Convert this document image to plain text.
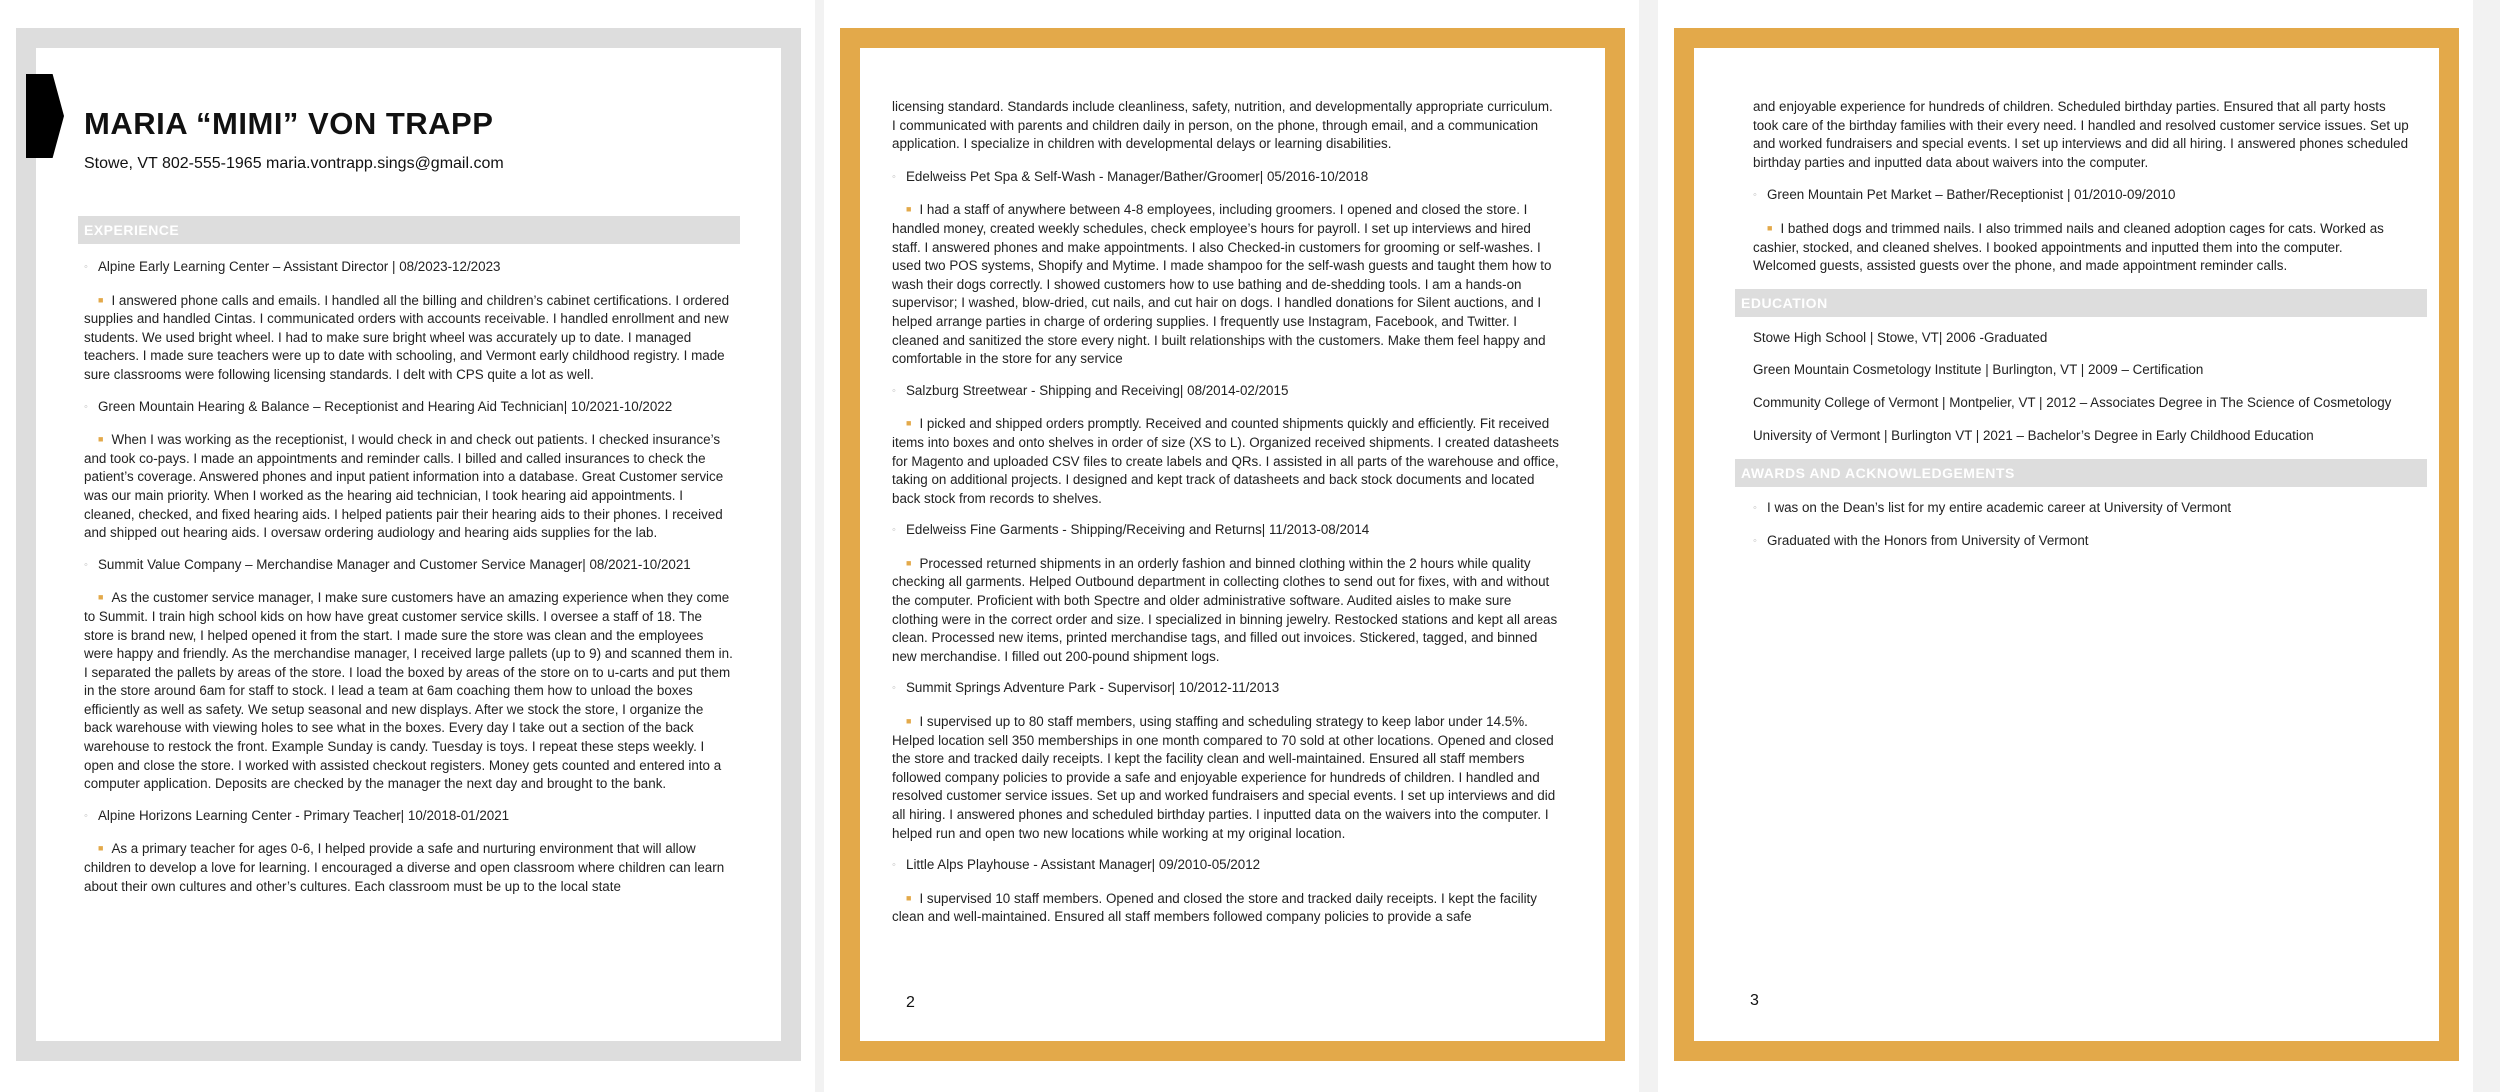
MARIA “MIMI” VON TRAPP

Stowe, VT 802-555-1965 maria.vontrapp.sings@gmail.com

EXPERIENCE

◦ Alpine Early Learning Center – Assistant Director | 08/2023-12/2023

■ I answered phone calls and emails. I handled all the billing and children’s cabinet certifications. I ordered supplies and handled Cintas. I communicated orders with accounts receivable. I handled enrollment and new students. We used bright wheel. I had to make sure bright wheel was accurately up to date. I managed teachers. I made sure teachers were up to date with schooling, and Vermont early childhood registry. I made sure classrooms were following licensing standards. I delt with CPS quite a lot as well.

◦ Green Mountain Hearing & Balance – Receptionist and Hearing Aid Technician| 10/2021-10/2022

■ When I was working as the receptionist, I would check in and check out patients. I checked insurance’s and took co-pays. I made an appointments and reminder calls. I billed and called insurances to check the patient’s coverage. Answered phones and input patient information into a database. Great Customer service was our main priority. When I worked as the hearing aid technician, I took hearing aid appointments. I cleaned, checked, and fixed hearing aids. I helped patients pair their hearing aids to their phones. I received and shipped out hearing aids. I oversaw ordering audiology and hearing aids supplies for the lab.

◦ Summit Value Company – Merchandise Manager and Customer Service Manager| 08/2021-10/2021

■ As the customer service manager, I make sure customers have an amazing experience when they come to Summit. I train high school kids on how have great customer service skills. I oversee a staff of 18. The store is brand new, I helped opened it from the start. I made sure the store was clean and the employees were happy and friendly. As the merchandise manager, I received large pallets (up to 9) and scanned them in. I separated the pallets by areas of the store. I load the boxed by areas of the store on to u-carts and put them in the store around 6am for staff to stock. I lead a team at 6am coaching them how to unload the boxes efficiently as well as safety. We setup seasonal and new displays. After we stock the store, I organize the back warehouse with viewing holes to see what in the boxes. Every day I take out a section of the back warehouse to restock the front. Example Sunday is candy. Tuesday is toys. I repeat these steps weekly. I open and close the store. I worked with assisted checkout registers. Money gets counted and entered into a computer application. Deposits are checked by the manager the next day and brought to the bank.

◦ Alpine Horizons Learning Center - Primary Teacher| 10/2018-01/2021

■ As a primary teacher for ages 0-6, I helped provide a safe and nurturing environment that will allow children to develop a love for learning. I encouraged a diverse and open classroom where children can learn about their own cultures and other’s cultures. Each classroom must be up to the local state

licensing standard. Standards include cleanliness, safety, nutrition, and developmentally appropriate curriculum. I communicated with parents and children daily in person, on the phone, through email, and a communication application. I specialize in children with developmental delays or learning disabilities.

◦ Edelweiss Pet Spa & Self-Wash - Manager/Bather/Groomer| 05/2016-10/2018

■ I had a staff of anywhere between 4-8 employees, including groomers. I opened and closed the store. I handled money, created weekly schedules, check employee’s hours for payroll. I set up interviews and hired staff. I answered phones and make appointments. I also Checked-in customers for grooming or self-washes. I used two POS systems, Shopify and Mytime. I made shampoo for the self-wash guests and taught them how to wash their dogs correctly. I showed customers how to use bathing and de-shedding tools. I am a hands-on supervisor; I washed, blow-dried, cut nails, and cut hair on dogs. I handled donations for Silent auctions, and I helped arrange parties in charge of ordering supplies. I frequently use Instagram, Facebook, and Twitter. I cleaned and sanitized the store every night. I built relationships with the customers. Make them feel happy and comfortable in the store for any service

◦ Salzburg Streetwear - Shipping and Receiving| 08/2014-02/2015

■ I picked and shipped orders promptly. Received and counted shipments quickly and efficiently. Fit received items into boxes and onto shelves in order of size (XS to L). Organized received shipments. I created datasheets for Magento and uploaded CSV files to create labels and QRs. I assisted in all parts of the warehouse and office, taking on additional projects. I designed and kept track of datasheets and back stock documents and located back stock from records to shelves.

◦ Edelweiss Fine Garments - Shipping/Receiving and Returns| 11/2013-08/2014

■ Processed returned shipments in an orderly fashion and binned clothing within the 2 hours while quality checking all garments. Helped Outbound department in collecting clothes to send out for fixes, with and without the computer. Proficient with both Spectre and older administrative software. Audited aisles to make sure clothing were in the correct order and size. I specialized in binning jewelry. Restocked stations and kept all areas clean. Processed new items, printed merchandise tags, and filled out invoices. Stickered, tagged, and binned new merchandise. I filled out 200-pound shipment logs.

◦ Summit Springs Adventure Park - Supervisor| 10/2012-11/2013

■ I supervised up to 80 staff members, using staffing and scheduling strategy to keep labor under 14.5%. Helped location sell 350 memberships in one month compared to 70 sold at other locations. Opened and closed the store and tracked daily receipts. I kept the facility clean and well-maintained. Ensured all staff members followed company policies to provide a safe and enjoyable experience for hundreds of children. I handled and resolved customer service issues. Set up and worked fundraisers and special events. I set up interviews and did all hiring. I answered phones and scheduled birthday parties. I inputted data on the waivers into the computer. I helped run and open two new locations while working at my original location.

◦ Little Alps Playhouse - Assistant Manager| 09/2010-05/2012

■ I supervised 10 staff members. Opened and closed the store and tracked daily receipts. I kept the facility clean and well-maintained. Ensured all staff members followed company policies to provide a safe

2

and enjoyable experience for hundreds of children. Scheduled birthday parties. Ensured that all party hosts took care of the birthday families with their every need. I handled and resolved customer service issues. Set up and worked fundraisers and special events. I set up interviews and did all hiring. I answered phones scheduled birthday parties and inputted data about waivers into the computer.

◦ Green Mountain Pet Market – Bather/Receptionist | 01/2010-09/2010

■ I bathed dogs and trimmed nails. I also trimmed nails and cleaned adoption cages for cats. Worked as cashier, stocked, and cleaned shelves. I booked appointments and inputted them into the computer. Welcomed guests, assisted guests over the phone, and made appointment reminder calls.

EDUCATION

Stowe High School | Stowe, VT| 2006 -Graduated

Green Mountain Cosmetology Institute | Burlington, VT | 2009 – Certification

Community College of Vermont | Montpelier, VT | 2012 – Associates Degree in The Science of Cosmetology

University of Vermont | Burlington VT | 2021 – Bachelor’s Degree in Early Childhood Education

AWARDS AND ACKNOWLEDGEMENTS

◦ I was on the Dean’s list for my entire academic career at University of Vermont

◦ Graduated with the Honors from University of Vermont

3
